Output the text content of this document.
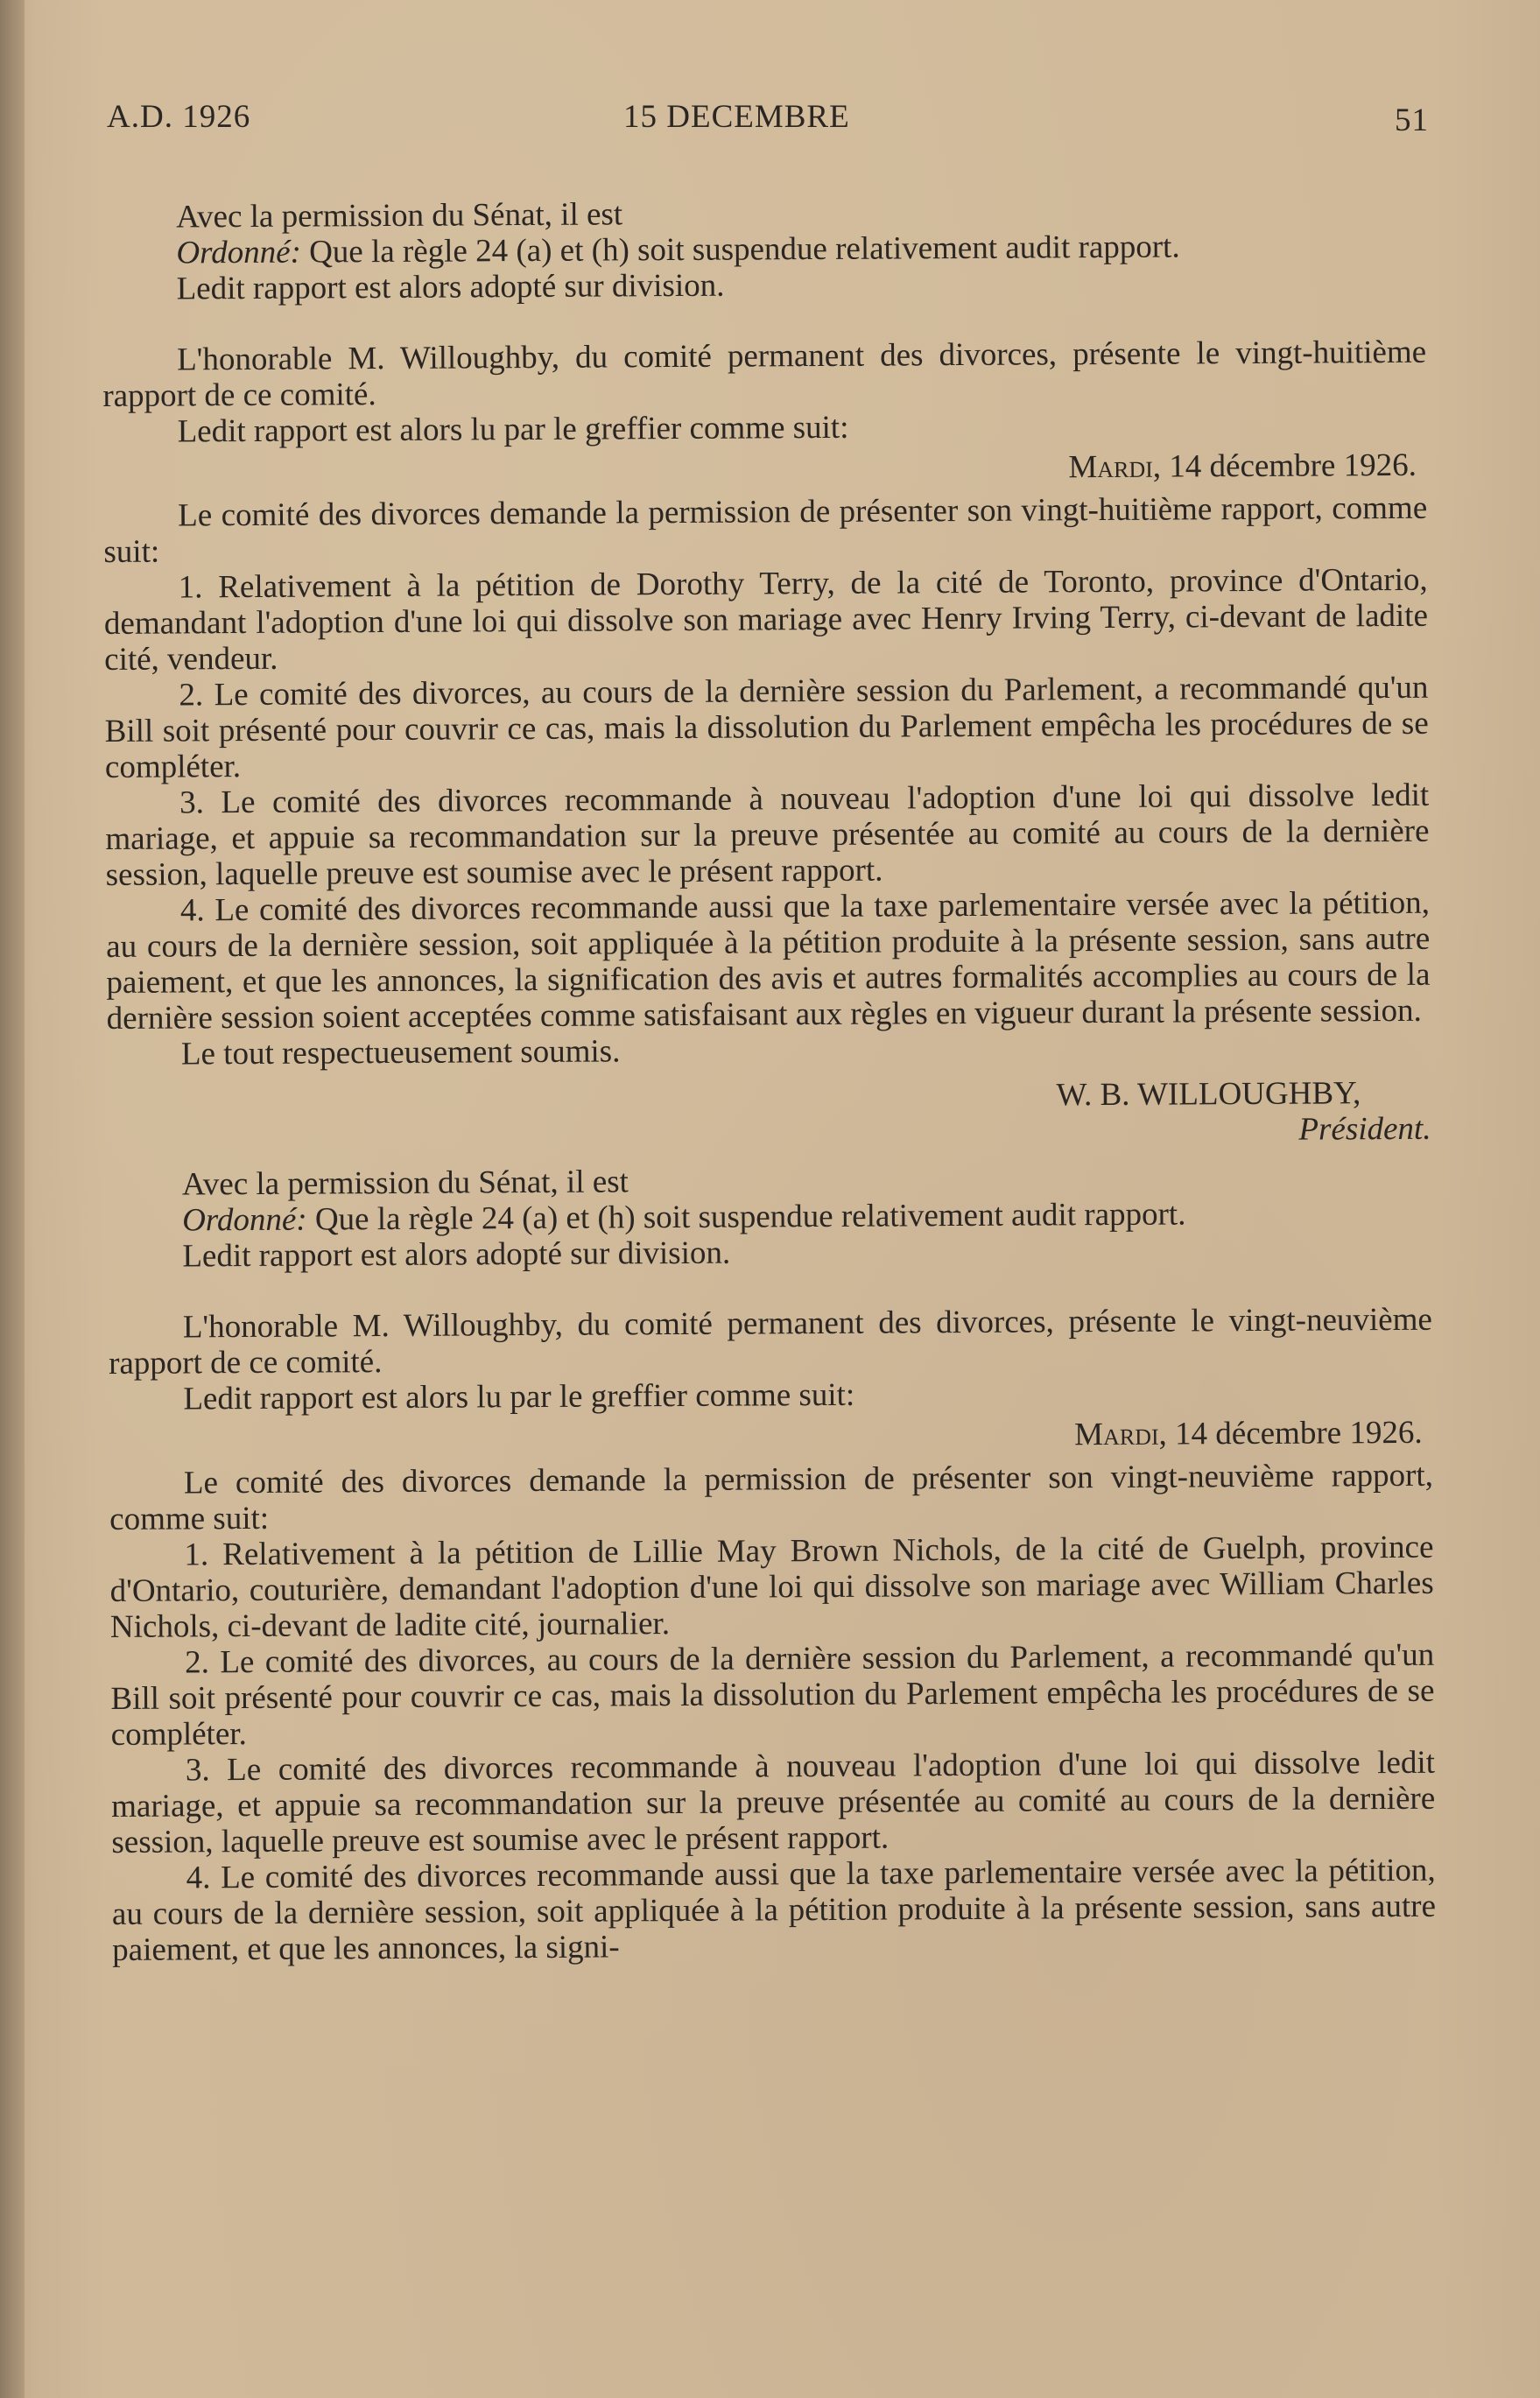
A.D. 1926	15 DECEMBRE	51

Avec la permission du Sénat, il est

Ordonné: Que la règle 24 (a) et (h) soit suspendue relativement audit rapport.

Ledit rapport est alors adopté sur division.

L'honorable M. Willoughby, du comité permanent des divorces, présente le vingt-huitième rapport de ce comité.

Ledit rapport est alors lu par le greffier comme suit:

Mardi, 14 décembre 1926.

Le comité des divorces demande la permission de présenter son vingt-huitième rapport, comme suit:

1. Relativement à la pétition de Dorothy Terry, de la cité de Toronto, province d'Ontario, demandant l'adoption d'une loi qui dissolve son mariage avec Henry Irving Terry, ci-devant de ladite cité, vendeur.

2. Le comité des divorces, au cours de la dernière session du Parlement, a recommandé qu'un Bill soit présenté pour couvrir ce cas, mais la dissolution du Parlement empêcha les procédures de se compléter.

3. Le comité des divorces recommande à nouveau l'adoption d'une loi qui dissolve ledit mariage, et appuie sa recommandation sur la preuve présentée au comité au cours de la dernière session, laquelle preuve est soumise avec le présent rapport.

4. Le comité des divorces recommande aussi que la taxe parlementaire versée avec la pétition, au cours de la dernière session, soit appliquée à la pétition produite à la présente session, sans autre paiement, et que les annonces, la signification des avis et autres formalités accomplies au cours de la dernière session soient acceptées comme satisfaisant aux règles en vigueur durant la présente session.

Le tout respectueusement soumis.

W. B. WILLOUGHBY,

Président.

Avec la permission du Sénat, il est

Ordonné: Que la règle 24 (a) et (h) soit suspendue relativement audit rapport.

Ledit rapport est alors adopté sur division.

L'honorable M. Willoughby, du comité permanent des divorces, présente le vingt-neuvième rapport de ce comité.

Ledit rapport est alors lu par le greffier comme suit:

Mardi, 14 décembre 1926.

Le comité des divorces demande la permission de présenter son vingt-neuvième rapport, comme suit:

1. Relativement à la pétition de Lillie May Brown Nichols, de la cité de Guelph, province d'Ontario, couturière, demandant l'adoption d'une loi qui dissolve son mariage avec William Charles Nichols, ci-devant de ladite cité, journalier.

2. Le comité des divorces, au cours de la dernière session du Parlement, a recommandé qu'un Bill soit présenté pour couvrir ce cas, mais la dissolution du Parlement empêcha les procédures de se compléter.

3. Le comité des divorces recommande à nouveau l'adoption d'une loi qui dissolve ledit mariage, et appuie sa recommandation sur la preuve présentée au comité au cours de la dernière session, laquelle preuve est soumise avec le présent rapport.

4. Le comité des divorces recommande aussi que la taxe parlementaire versée avec la pétition, au cours de la dernière session, soit appliquée à la pétition produite à la présente session, sans autre paiement, et que les annonces, la signi-
